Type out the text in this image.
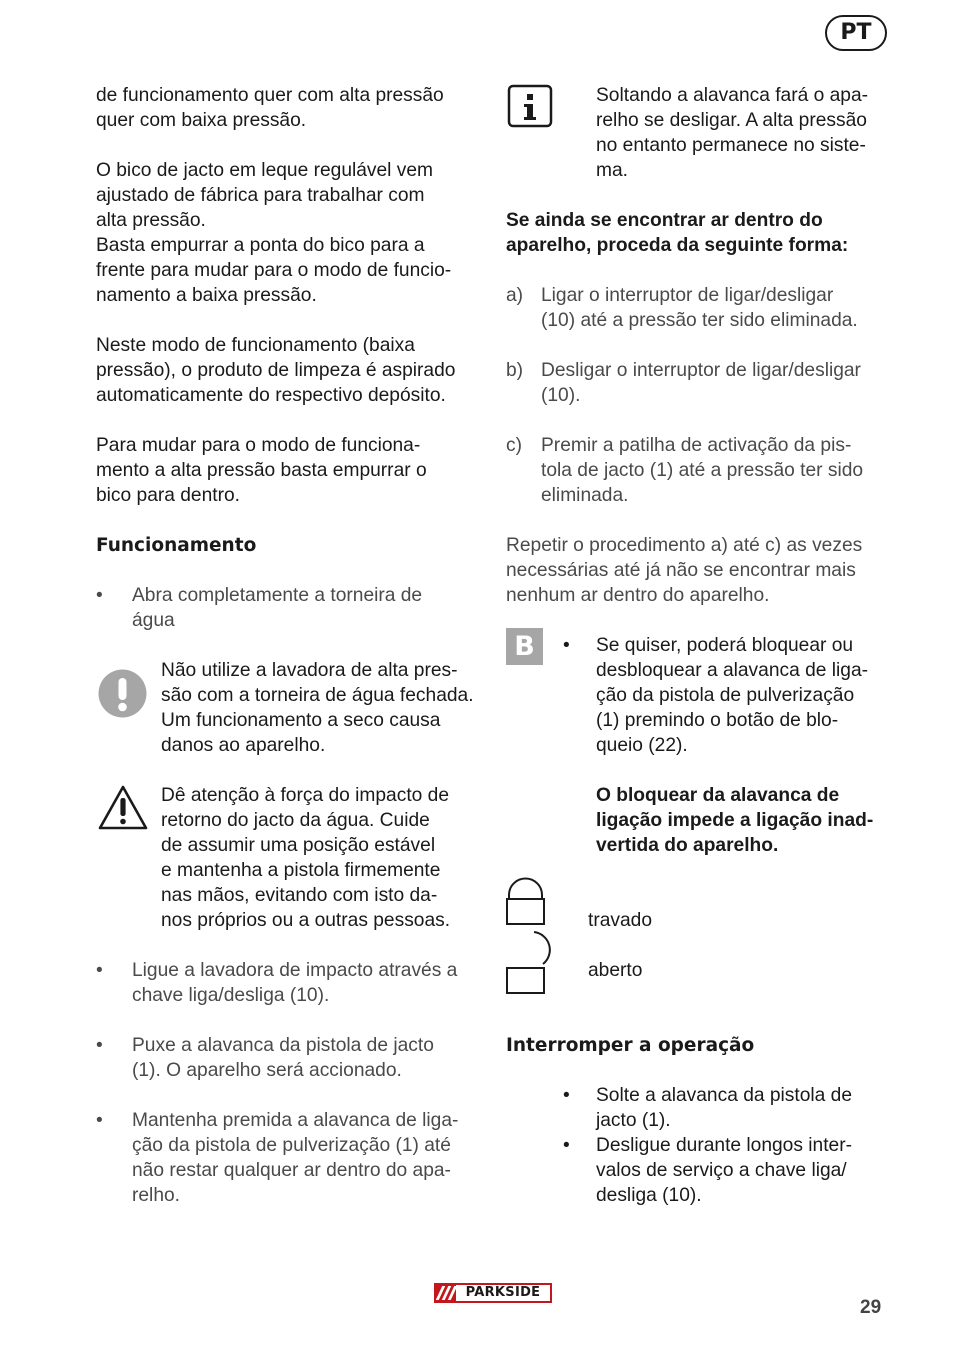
PT
de funcionamento quer com alta pressão
quer com baixa pressão.
O bico de jacto em leque regulável vem
ajustado de fábrica para trabalhar com
alta pressão.
Basta empurrar a ponta do bico para a
frente para mudar para o modo de funcio-
namento a baixa pressão.
Neste modo de funcionamento (baixa
pressão), o produto de limpeza é aspirado
automaticamente do respectivo depósito.
Para mudar para o modo de funciona-
mento a alta pressão basta empurrar o
bico para dentro.
Funcionamento
• Abra completamente a torneira de
água
Não utilize a lavadora de alta pres-
são com a torneira de água fechada.
Um funcionamento a seco causa
danos ao aparelho.
Dê atenção à força do impacto de
retorno do jacto da água. Cuide
de assumir uma posição estável
e mantenha a pistola firmemente
nas mãos, evitando com isto da-
nos próprios ou a outras pessoas.
• Ligue a lavadora de impacto através a
chave liga/desliga (10).
• Puxe a alavanca da pistola de jacto
(1). O aparelho será accionado.
• Mantenha premida a alavanca de liga-
ção da pistola de pulverização (1) até
não restar qualquer ar dentro do apa-
relho.
Soltando a alavanca fará o apa-
relho se desligar. A alta pressão
no entanto permanece no siste-
ma.
Se ainda se encontrar ar dentro do
aparelho, proceda da seguinte forma:
a) Ligar o interruptor de ligar/desligar
(10) até a pressão ter sido eliminada.
b) Desligar o interruptor de ligar/desligar
(10).
c) Premir a patilha de activação da pis-
tola de jacto (1) até a pressão ter sido
eliminada.
Repetir o procedimento a) até c) as vezes
necessárias até já não se encontrar mais
nenhum ar dentro do aparelho.
B	• Se quiser, poderá bloquear ou
desbloquear a alavanca de liga-
ção da pistola de pulverização
(1) premindo o botão de blo-
queio (22).
O bloquear da alavanca de
ligação impede a ligação inad-
vertida do aparelho.
travado
aberto
Interromper a operação
• Solte a alavanca da pistola de
jacto (1).
• Desligue durante longos inter-
valos de serviço a chave liga/
desliga (10).
PARKSIDE
29
